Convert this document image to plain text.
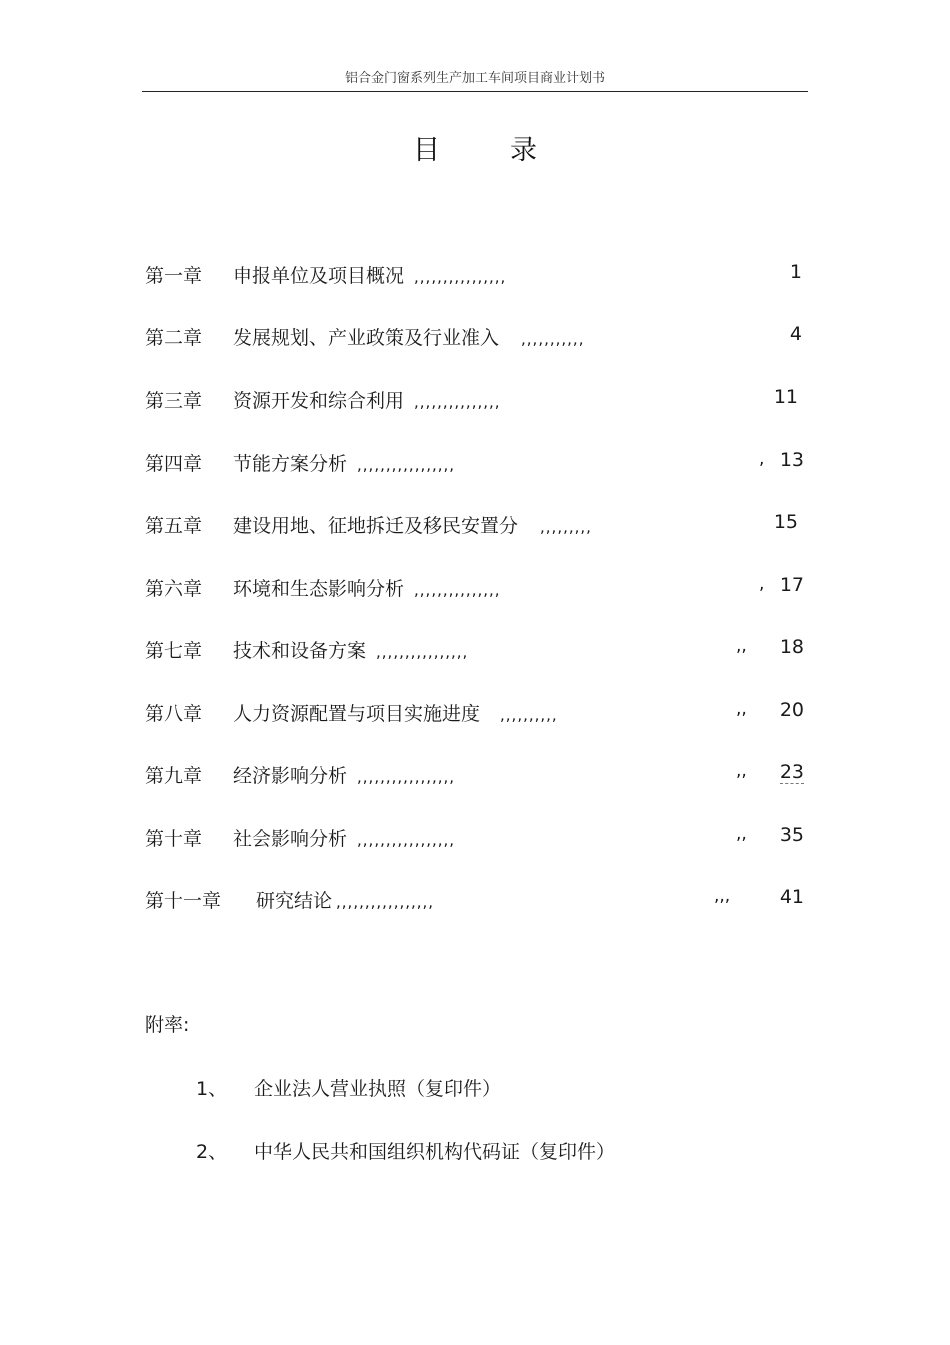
铝合金门窗系列生产加工车间项目商业计划书
目录
第一章 申报单位及项目概况 ,,,,,,,,,,,,,,,,	1
第二章 发展规划、产业政策及行业准入 ,,,,,,,,,,,	4
第三章 资源开发和综合利用 ,,,,,,,,,,,,,,,	11
第四章 节能方案分析 ,,,,,,,,,,,,,,,,,	, 13
第五章 建设用地、征地拆迁及移民安置分 ,,,,,,,,,	15
第六章 环境和生态影响分析 ,,,,,,,,,,,,,,,	, 17
第七章 技术和设备方案 ,,,,,,,,,,,,,,,,	,, 18
第八章 人力资源配置与项目实施进度 ,,,,,,,,,,	,, 20
第九章 经济影响分析 ,,,,,,,,,,,,,,,,,	,, 23
第十章 社会影响分析 ,,,,,,,,,,,,,,,,,	,, 35
第十一章 研究结论 ,,,,,,,,,,,,,,,,,	,,,	41
附率:
1、 企业法人营业执照（复印件）
2、 中华人民共和国组织机构代码证（复印件）
